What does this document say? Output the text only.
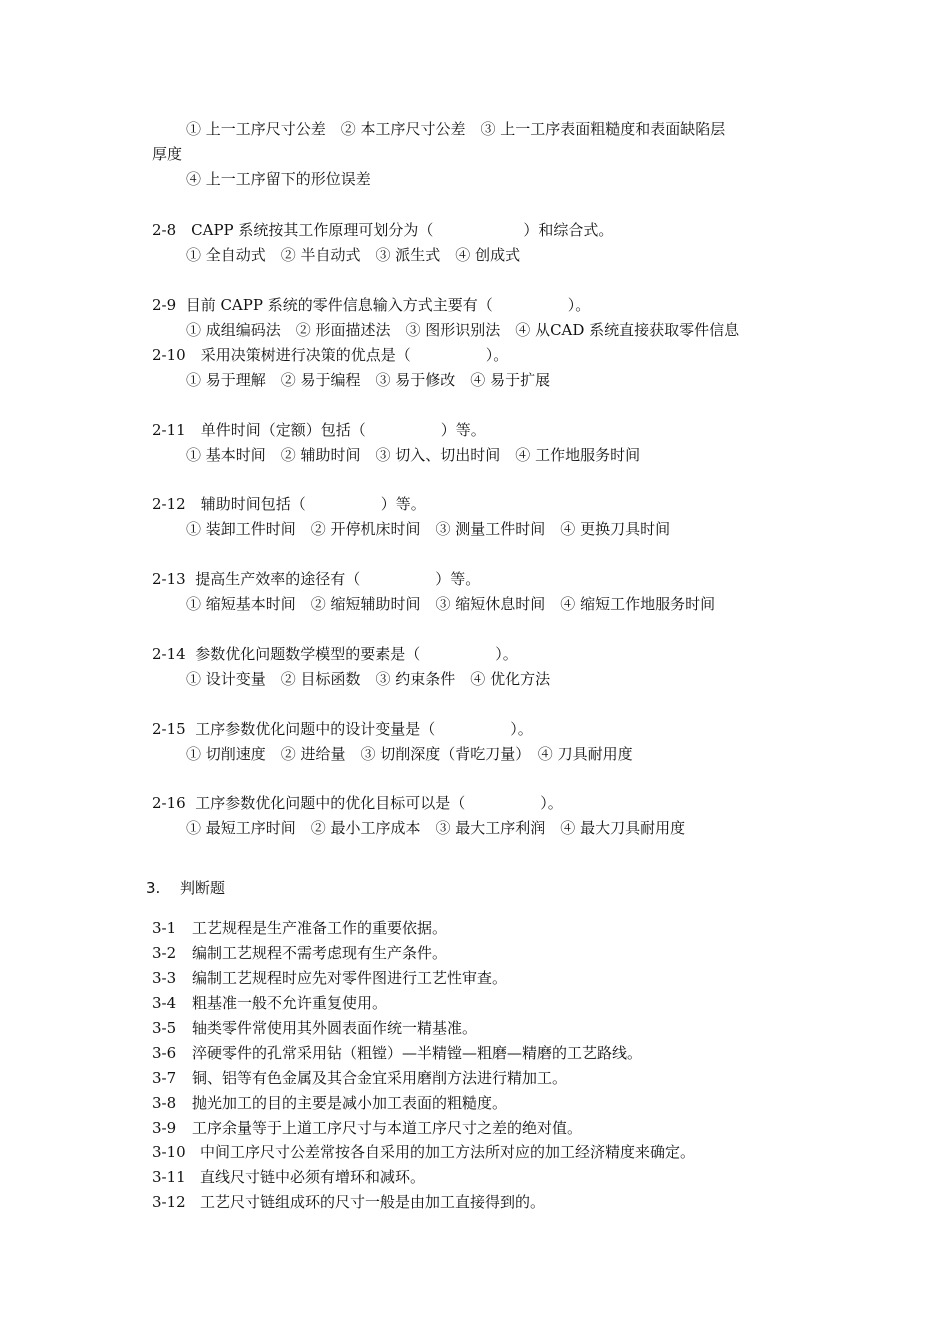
① 上一工序尺寸公差　② 本工序尺寸公差　③ 上一工序表面粗糙度和表面缺陷层
厚度
④ 上一工序留下的形位误差
2-8　CAPP 系统按其工作原理可划分为（　　　　　　）和综合式。
① 全自动式　② 半自动式　③ 派生式　④ 创成式
2-9  目前 CAPP 系统的零件信息输入方式主要有（　　　　　）。
① 成组编码法　② 形面描述法　③ 图形识别法　④ 从CAD 系统直接获取零件信息
2-10　采用决策树进行决策的优点是（　　　　　）。
① 易于理解　② 易于编程　③ 易于修改　④ 易于扩展
2-11　单件时间（定额）包括（　　　　　）等。
① 基本时间　② 辅助时间　③ 切入、切出时间　④ 工作地服务时间
2-12　辅助时间包括（　　　　　）等。
① 装卸工件时间　② 开停机床时间　③ 测量工件时间　④ 更换刀具时间
2-13  提高生产效率的途径有（　　　　　）等。
① 缩短基本时间　② 缩短辅助时间　③ 缩短休息时间　④ 缩短工作地服务时间
2-14  参数优化问题数学模型的要素是（　　　　　）。
① 设计变量　② 目标函数　③ 约束条件　④ 优化方法
2-15  工序参数优化问题中的设计变量是（　　　　　）。
① 切削速度　② 进给量　③ 切削深度（背吃刀量）　④ 刀具耐用度
2-16  工序参数优化问题中的优化目标可以是（　　　　　）。
① 最短工序时间　② 最小工序成本　③ 最大工序利润　④ 最大刀具耐用度
3. 判断题
3-1 工艺规程是生产准备工作的重要依据。
3-2 编制工艺规程不需考虑现有生产条件。
3-3 编制工艺规程时应先对零件图进行工艺性审查。
3-4 粗基准一般不允许重复使用。
3-5 轴类零件常使用其外圆表面作统一精基准。
3-6 淬硬零件的孔常采用钻（粗镗）—半精镗—粗磨—精磨的工艺路线。
3-7 铜、铝等有色金属及其合金宜采用磨削方法进行精加工。
3-8 抛光加工的目的主要是减小加工表面的粗糙度。
3-9 工序余量等于上道工序尺寸与本道工序尺寸之差的绝对值。
3-10 中间工序尺寸公差常按各自采用的加工方法所对应的加工经济精度来确定。
3-11 直线尺寸链中必须有增环和减环。
3-12 工艺尺寸链组成环的尺寸一般是由加工直接得到的。
